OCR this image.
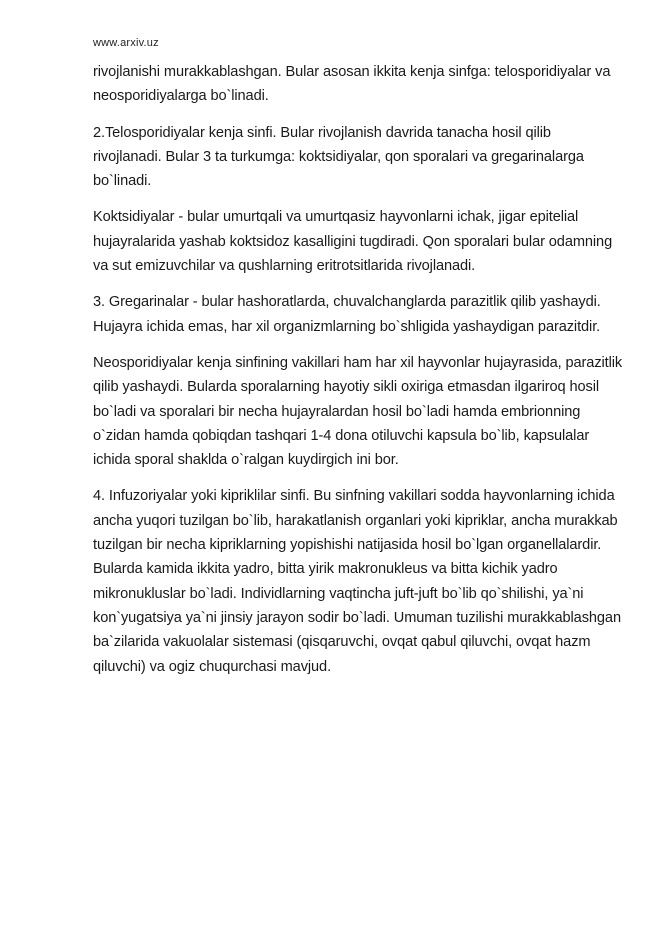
www.arxiv.uz

rivojlanishi murakkablashgan. Bular asosan ikkita kenja sinfga: telosporidiyalar va neosporidiyalarga bo`linadi.

2.Telosporidiyalar kenja sinfi. Bular rivojlanish davrida tanacha hosil qilib rivojlanadi. Bular 3 ta turkumga: koktsidiyalar, qon sporalari va gregarinalarga bo`linadi.

Koktsidiyalar - bular umurtqali va umurtqasiz hayvonlarni ichak, jigar epitelial hujayralarida yashab koktsidoz kasalligini tugdiradi. Qon sporalari bular odamning va sut emizuvchilar va qushlarning eritrotsitlarida rivojlanadi.

3. Gregarinalar - bular hashoratlarda, chuvalchanglarda parazitlik qilib yashaydi. Hujayra ichida emas, har xil organizmlarning bo`shligida yashaydigan parazitdir.

Neosporidiyalar kenja sinfining vakillari ham har xil hayvonlar hujayrasida, parazitlik qilib yashaydi. Bularda sporalarning hayotiy sikli oxiriga etmasdan ilgariroq hosil bo`ladi va sporalari bir necha hujayralardan hosil bo`ladi hamda embrionning o`zidan hamda qobiqdan tashqari 1-4 dona otiluvchi kapsula bo`lib, kapsulalar ichida sporal shaklda o`ralgan kuydirgich ini bor.

4. Infuzoriyalar yoki kipriklilar sinfi. Bu sinfning vakillari sodda hayvonlarning ichida ancha yuqori tuzilgan bo`lib, harakatlanish organlari yoki kipriklar, ancha murakkab tuzilgan bir necha kipriklarning yopishishi natijasida hosil bo`lgan organellalardir. Bularda kamida ikkita yadro, bitta yirik makronukleus va bitta kichik yadro mikronukluslar bo`ladi. Individlarning vaqtincha juft-juft bo`lib qo`shilishi, ya`ni kon`yugatsiya ya`ni jinsiy jarayon sodir bo`ladi. Umuman tuzilishi murakkablashgan ba`zilarida vakuolalar sistemasi (qisqaruvchi, ovqat qabul qiluvchi, ovqat hazm qiluvchi) va ogiz chuqurchasi mavjud.
